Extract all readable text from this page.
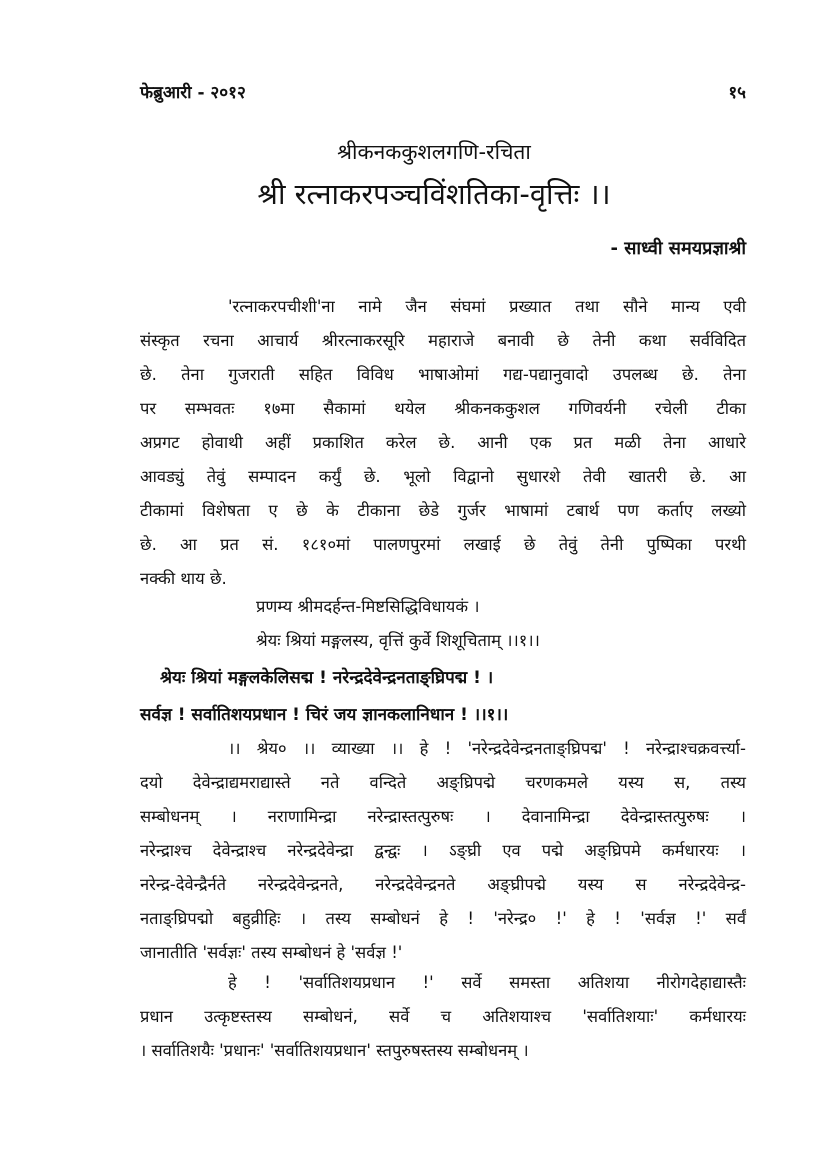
फेब्रुआरी - २०१२	१५
श्रीकनककुशलगणि-रचिता
श्री रत्नाकरपञ्चविंशतिका-वृत्तिः ।।
- साध्वी समयप्रज्ञाश्री
'रत्नाकरपचीशी'ना नामे जैन संघमां प्रख्यात तथा सौने मान्य एवी
संस्कृत रचना आचार्य श्रीरत्नाकरसूरि महाराजे बनावी छे तेनी कथा सर्वविदित
छे. तेना गुजराती सहित विविध भाषाओमां गद्य-पद्यानुवादो उपलब्ध छे. तेना
पर सम्भवतः १७मा सैकामां थयेल श्रीकनककुशल गणिवर्यनी रचेली टीका
अप्रगट होवाथी अहीं प्रकाशित करेल छे. आनी एक प्रत मळी तेना आधारे
आवड्युं तेवुं सम्पादन कर्युं छे. भूलो विद्वानो सुधारशे तेवी खातरी छे. आ
टीकामां विशेषता ए छे के टीकाना छेडे गुर्जर भाषामां टबार्थ पण कर्ताए लख्यो
छे. आ प्रत सं. १८१०मां पालणपुरमां लखाई छे तेवुं तेनी पुष्पिका परथी
नक्की थाय छे.
प्रणम्य श्रीमदर्हन्त-मिष्टसिद्धिविधायकं ।
श्रेयः श्रियां मङ्गलस्य, वृत्तिं कुर्वे शिशूचिताम् ।।१।।
श्रेयः श्रियां मङ्गलकेलिसद्म ! नरेन्द्रदेवेन्द्रनताङ्घ्रिपद्म ! ।
सर्वज्ञ ! सर्वातिशयप्रधान ! चिरं जय ज्ञानकलानिधान ! ।।१।।
।। श्रेय० ।। व्याख्या ।। हे ! 'नरेन्द्रदेवेन्द्रनताङ्घ्रिपद्म' ! नरेन्द्राश्चक्रवर्त्त्या-
दयो देवेन्द्राद्यमराद्यास्ते नते वन्दिते अङ्घ्रिपद्मे चरणकमले यस्य स, तस्य
सम्बोधनम् । नराणामिन्द्रा नरेन्द्रास्तत्पुरुषः । देवानामिन्द्रा देवेन्द्रास्तत्पुरुषः ।
नरेन्द्राश्च देवेन्द्राश्च नरेन्द्रदेवेन्द्रा द्वन्द्वः । ऽङ्घ्री एव पद्मे अङ्घ्रिपमे कर्मधारयः ।
नरेन्द्र-देवेन्द्रैर्नते नरेन्द्रदेवेन्द्रनते, नरेन्द्रदेवेन्द्रनते अङ्घ्रीपद्मे यस्य स नरेन्द्रदेवेन्द्र-
नताङ्घ्रिपद्मो बहुव्रीहिः । तस्य सम्बोधनं हे ! 'नरेन्द्र० !' हे ! 'सर्वज्ञ !' सर्वं
जानातीति 'सर्वज्ञः' तस्य सम्बोधनं हे 'सर्वज्ञ !'
हे ! 'सर्वातिशयप्रधान !' सर्वे समस्ता अतिशया नीरोगदेहाद्यास्तैः
प्रधान उत्कृष्टस्तस्य सम्बोधनं, सर्वे च अतिशयाश्च 'सर्वातिशयाः' कर्मधारयः
। सर्वातिशयैः 'प्रधानः' 'सर्वातिशयप्रधान' स्तपुरुषस्तस्य सम्बोधनम् ।
